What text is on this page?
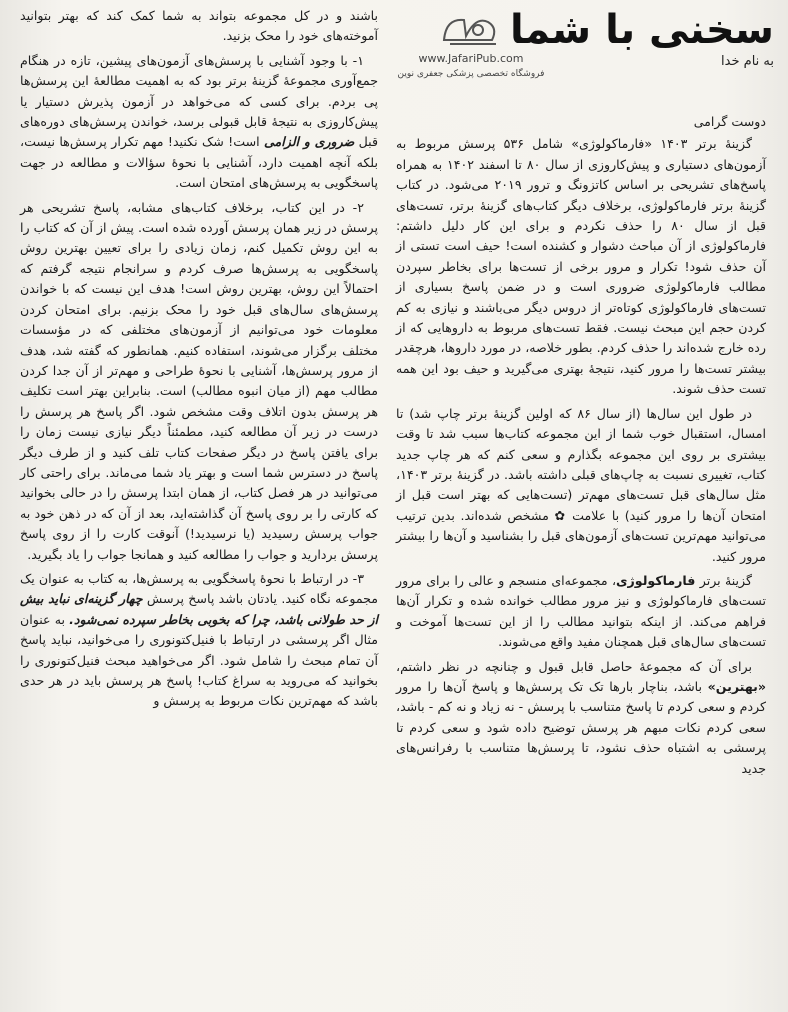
سخنی با شما
به نام خدا
www.JafariPub.com
فروشگاه تخصصی پزشکی جعفری نوین
دوست گرامی

گزینهٔ برتر ۱۴۰۳ «فارماکولوژی» شامل ۵۳۶ پرسش مربوط به آزمون‌های دستیاری و پیش‌کاروزی از سال ۸۰ تا اسفند ۱۴۰۲ به همراه پاسخ‌های تشریحی بر اساس کاتزونگ و ترور ۲۰۱۹ می‌شود. در کتاب گزینهٔ برتر فارماکولوژی، برخلاف دیگر کتاب‌های گزینهٔ برتر، تست‌های قبل از سال ۸۰ را حذف نکردم و برای این کار دلیل داشتم: فارماکولوژی از آن مباحث دشوار و کشنده است! حیف است تستی از آن حذف شود! تکرار و مرور برخی از تست‌ها برای بخاطر سپردن مطالب فارماکولوژی ضروری است و در ضمن پاسخ بسیاری از تست‌های فارماکولوژی کوتاه‌تر از دروس دیگر می‌باشند و نیازی به کم کردن حجم این مبحث نیست. فقط تست‌های مربوط به داروهایی که از رده خارج شده‌اند را حذف کردم. بطور خلاصه، در مورد داروها، هرچقدر بیشتر تست‌ها را مرور کنید، نتیجهٔ بهتری می‌گیرید و حیف بود این همه تست حذف شوند.

در طول این سال‌ها (از سال ۸۶ که اولین گزینهٔ برتر چاپ شد) تا امسال، استقبال خوب شما از این مجموعه کتاب‌ها سبب شد تا وقت بیشتری بر روی این مجموعه بگذارم و سعی کنم که هر چاپ جدید کتاب، تغییری نسبت به چاپ‌های قبلی داشته باشد. در گزینهٔ برتر ۱۴۰۳، مثل سال‌های قبل تست‌های مهم‌تر (تست‌هایی که بهتر است قبل از امتحان آن‌ها را مرور کنید) با علامت ✿ مشخص شده‌اند. بدین ترتیب می‌توانید مهم‌ترین تست‌های آزمون‌های قبل را بشناسید و آن‌ها را بیشتر مرور کنید.

گزینهٔ برتر فارماکولوژی، مجموعه‌ای منسجم و عالی را برای مرور تست‌های فارماکولوژی و نیز مرور مطالب خوانده شده و تکرار آن‌ها فراهم می‌کند. از اینکه بتوانید مطالب را از این تست‌ها آموخت و تست‌های سال‌های قبل همچنان مفید واقع می‌شوند.

برای آن که مجموعهٔ حاصل قابل قبول و چنانچه در نظر داشتم، «بهترین» باشد، بناچار بارها تک تک پرسش‌ها و پاسخ آن‌ها را مرور کردم و سعی کردم تا پاسخ متناسب با پرسش - نه زیاد و نه کم - باشد، سعی کردم نکات مبهم هر پرسش توضیح داده شود و سعی کردم تا پرسشی به اشتباه حذف نشود، تا پرسش‌ها متناسب با رفرانس‌های جدید

باشند و در کل مجموعه بتواند به شما کمک کند که بهتر بتوانید آموخته‌های خود را محک بزنید.

۱- با وجود آشنایی با پرسش‌های آزمون‌های پیشین، تازه در هنگام جمع‌آوری مجموعهٔ گزینهٔ برتر بود که به اهمیت مطالعهٔ این پرسش‌ها پی بردم. برای کسی که می‌خواهد در آزمون پذیرش دستیار یا پیش‌کاروزی به نتیجهٔ قابل قبولی برسد، خواندن پرسش‌های دوره‌های قبل ضروری و الزامی است! شک نکنید! مهم تکرار پرسش‌ها نیست، بلکه آنچه اهمیت دارد، آشنایی با نحوهٔ سؤالات و مطالعه در جهت پاسخگویی به پرسش‌های امتحان است.

۲- در این کتاب، برخلاف کتاب‌های مشابه، پاسخ تشریحی هر پرسش در زیر همان پرسش آورده شده است. پیش از آن که کتاب را به این روش تکمیل کنم، زمان زیادی را برای تعیین بهترین روش پاسخگویی به پرسش‌ها صرف کردم و سرانجام نتیجه گرفتم که احتمالاً این روش، بهترین روش است! هدف این نیست که با خواندن پرسش‌های سال‌های قبل خود را محک بزنیم. برای امتحان کردن معلومات خود می‌توانیم از آزمون‌های مختلفی که در مؤسسات مختلف برگزار می‌شوند، استفاده کنیم. همانطور که گفته شد، هدف از مرور پرسش‌ها، آشنایی با نحوهٔ طراحی و مهم‌تر از آن جدا کردن مطالب مهم (از میان انبوه مطالب) است. بنابراین بهتر است تکلیف هر پرسش بدون اتلاف وقت مشخص شود. اگر پاسخ هر پرسش را درست در زیر آن مطالعه کنید، مطمئناً دیگر نیازی نیست زمان را برای یافتن پاسخ در دیگر صفحات کتاب تلف کنید و از طرف دیگر پاسخ در دسترس شما است و بهتر یاد شما می‌ماند. برای راحتی کار می‌توانید در هر فصل کتاب، از همان ابتدا پرسش را در حالی بخوانید که کارتی را بر روی پاسخ آن گذاشته‌اید، بعد از آن که در ذهن خود به جواب پرسش رسیدید (یا نرسیدید!) آنوقت کارت را از روی پاسخ پرسش بردارید و جواب را مطالعه کنید و همانجا جواب را یاد بگیرید.

۳- در ارتباط با نحوهٔ پاسخگویی به پرسش‌ها، به کتاب به عنوان یک مجموعه نگاه کنید. یادتان باشد پاسخ پرسش چهار گزینه‌ای نباید بیش از حد طولانی باشد، چرا که بخوبی بخاطر سپرده نمی‌شود. به عنوان مثال اگر پرسشی در ارتباط با فنیل‌کتونوری را می‌خوانید، نباید پاسخ آن تمام مبحث را شامل شود. اگر می‌خواهید مبحث فنیل‌کتونوری را بخوانید که می‌روید به سراغ کتاب! پاسخ هر پرسش باید در هر حدی باشد که مهم‌ترین نکات مربوط به پرسش و
